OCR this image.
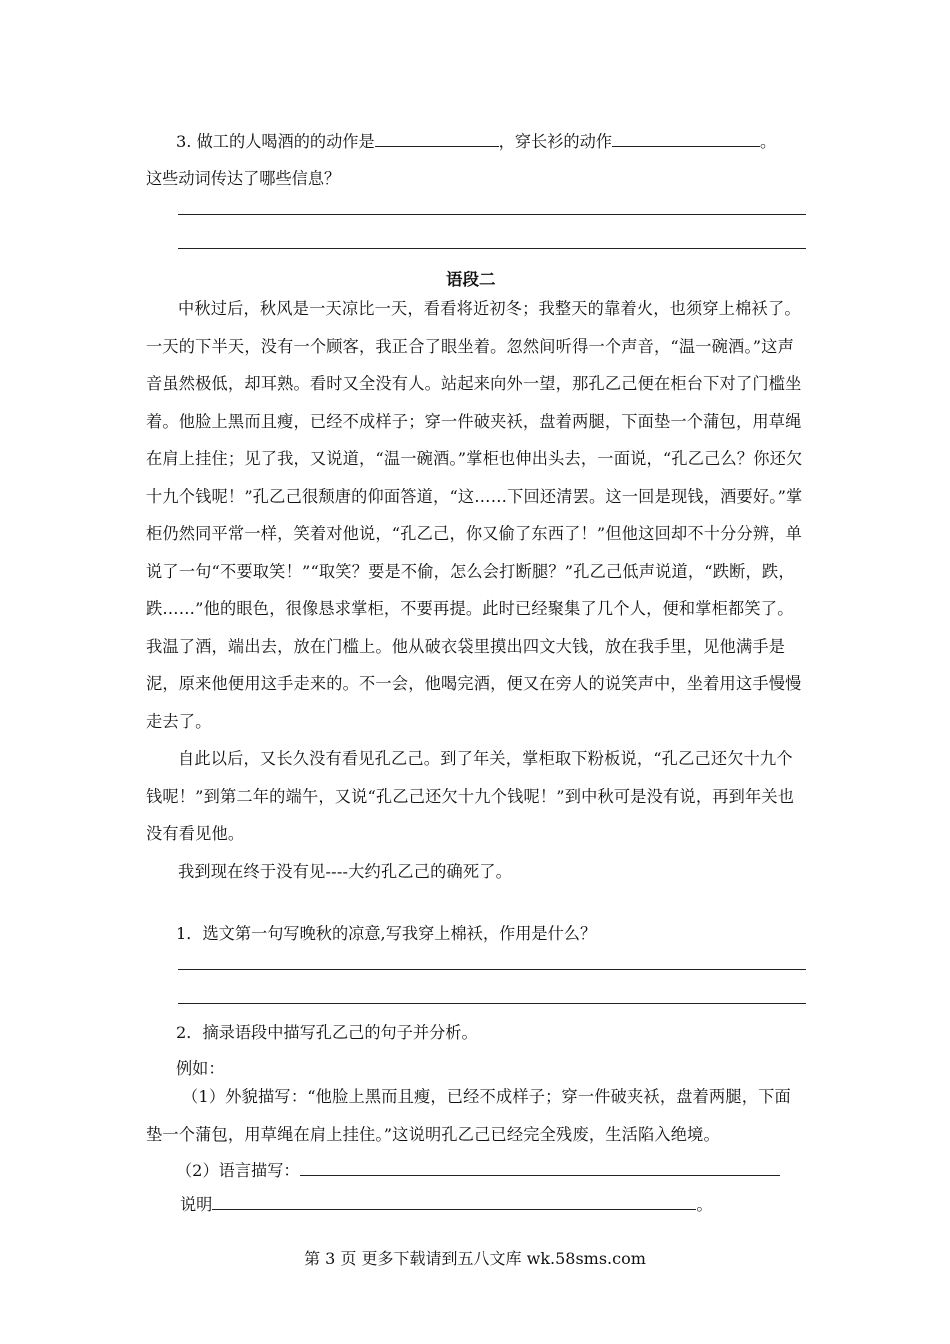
3. 做工的人喝酒的的动作是	，穿长衫的动作	。
这些动词传达了哪些信息？
语段二

中秋过后，秋风是一天凉比一天，看看将近初冬；我整天的靠着火，也须穿上棉袄了。一天的下半天，没有一个顾客，我正合了眼坐着。忽然间听得一个声音，“温一碗酒。”这声音虽然极低，却耳熟。看时又全没有人。站起来向外一望，那孔乙己便在柜台下对了门槛坐着。他脸上黑而且瘦，已经不成样子；穿一件破夹袄，盘着两腿，下面垫一个蒲包，用草绳在肩上挂住；见了我，又说道，“温一碗酒。”掌柜也伸出头去，一面说，“孔乙己么？你还欠十九个钱呢！”孔乙己很颓唐的仰面答道，“这……下回还清罢。这一回是现钱，酒要好。”掌柜仍然同平常一样，笑着对他说，“孔乙己，你又偷了东西了！”但他这回却不十分分辨，单说了一句“不要取笑！”“取笑？要是不偷，怎么会打断腿？”孔乙己低声说道，“跌断，跌，跌……”他的眼色，很像恳求掌柜，不要再提。此时已经聚集了几个人，便和掌柜都笑了。我温了酒，端出去，放在门槛上。他从破衣袋里摸出四文大钱，放在我手里，见他满手是泥，原来他便用这手走来的。不一会，他喝完酒，便又在旁人的说笑声中，坐着用这手慢慢走去了。

自此以后，又长久没有看见孔乙己。到了年关，掌柜取下粉板说，“孔乙己还欠十九个钱呢！”到第二年的端午，又说“孔乙己还欠十九个钱呢！”到中秋可是没有说，再到年关也没有看见他。

我到现在终于没有见----大约孔乙己的确死了。

1．选文第一句写晚秋的凉意,写我穿上棉袄，作用是什么？
2．摘录语段中描写孔乙己的句子并分析。
例如：

（1）外貌描写：“他脸上黑而且瘦，已经不成样子；穿一件破夹袄，盘着两腿，下面垫一个蒲包，用草绳在肩上挂住。”这说明孔乙己已经完全残废，生活陷入绝境。

（2）语言描写：
说明	。
第 3 页 更多下载请到五八文库 wk.58sms.com
